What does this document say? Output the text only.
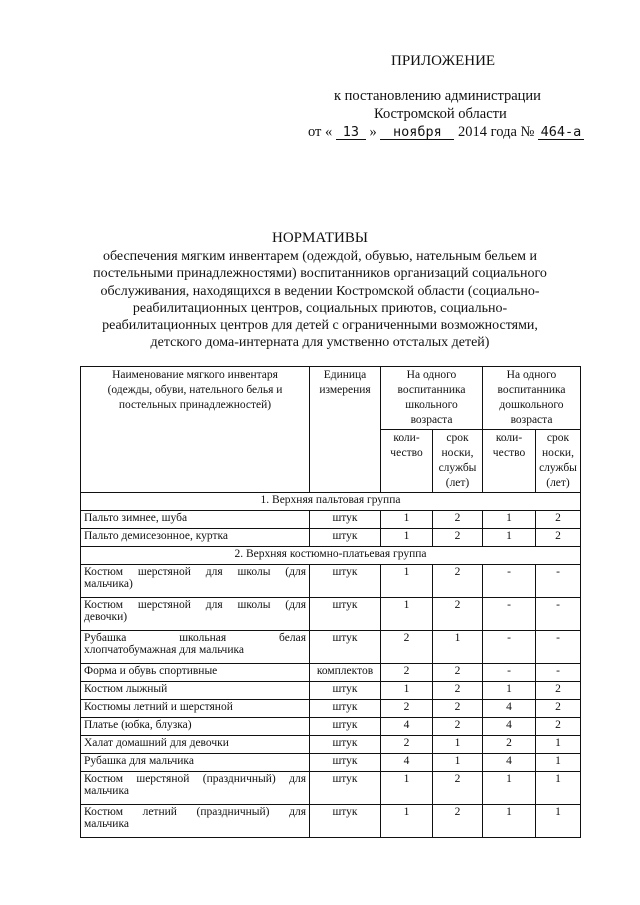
ПРИЛОЖЕНИЕ
к постановлению администрации
Костромской области
от « 13 » ноября 2014 года № 464-а
НОРМАТИВЫ
обеспечения мягким инвентарем (одеждой, обувью, нательным бельем и
постельными принадлежностями) воспитанников организаций социального
обслуживания, находящихся в ведении Костромской области (социально-
реабилитационных центров, социальных приютов, социально-
реабилитационных центров для детей с ограниченными возможностями,
детского дома-интерната для умственно отсталых детей)
Наименование мягкого инвентаря
(одежды, обуви, нательного белья и
постельных принадлежностей)	Единица
измерения	На одного
воспитанника
школьного
возраста		На одного
воспитанника
дошкольного
возраста	

		коли-
чество	срок
носки,
службы
(лет)	коли-
чество	срок
носки,
службы
(лет)

1. Верхняя пальтовая группа					
Пальто зимнее, шуба	штук	1	2	1	2
Пальто демисезонное, куртка	штук	1	2	1	2
2. Верхняя костюмно-платьевая группа					

Костюм шерстяной для школы (для
мальчика)	штук	1	2	-	-

Костюм шерстяной для школы (для
девочки)	штук	1	2	-	-

Рубашка школьная белая
хлопчатобумажная для мальчика	штук	2	1	-	-
Форма и обувь спортивные	комплектов	2	2	-	-
Костюм лыжный	штук	1	2	1	2
Костюмы летний и шерстяной	штук	2	2	4	2
Платье (юбка, блузка)	штук	4	2	4	2
Халат домашний для девочки	штук	2	1	2	1
Рубашка для мальчика	штук	4	1	4	1

Костюм шерстяной (праздничный) для
мальчика	штук	1	2	1	1

Костюм летний (праздничный) для
мальчика	штук	1	2	1	1
